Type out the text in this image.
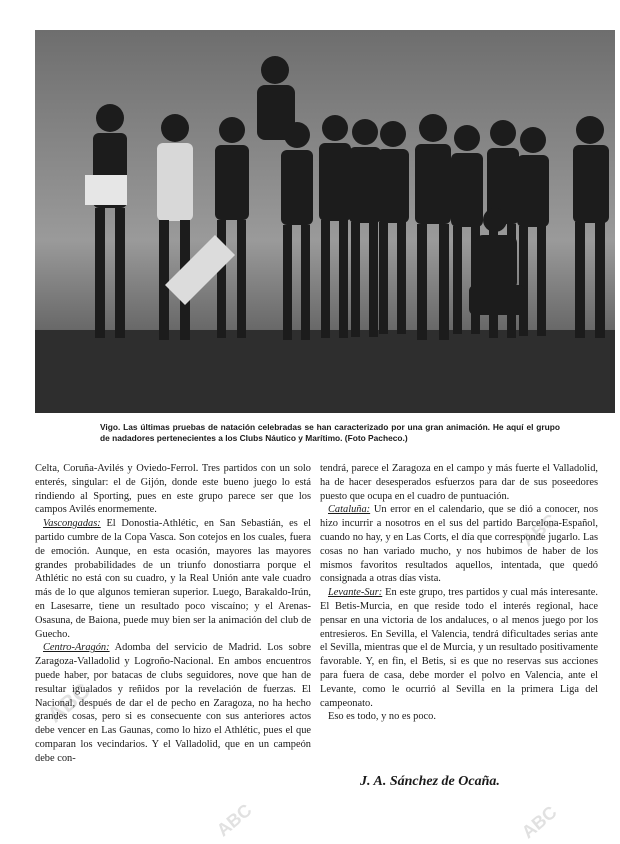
Vigo. Las últimas pruebas de natación celebradas se han caracterizado por una gran animación. He aquí el grupo de nadadores pertenecientes a los Clubs Náutico y Marítimo. (Foto Pacheco.)

Celta, Coruña-Avilés y Oviedo-Ferrol. Tres partidos con un solo enterés, singular: el de Gijón, donde este bueno juego lo está rindiendo al Sporting, pues en este grupo parece ser que los campos Avilés enormemente.

Vascongadas: El Donostia-Athlétic, en San Sebastián, es el partido cumbre de la Copa Vasca. Son cotejos en los cuales, fuera de emoción. Aunque, en esta ocasión, mayores las mayores grandes probabilidades de un triunfo donostiarra porque el Athlétic no está con su cuadro, y la Real Unión ante vale cuadro más de lo que algunos temieran superior. Luego, Barakaldo-Irún, en Lasesarre, tiene un resultado poco viscaíno; y el Arenas-Osasuna, de Baiona, puede muy bien ser la animación del club de Guecho.

Centro-Aragón: Adomba del servicio de Madrid. Los sobre Zaragoza-Valladolid y Logroño-Nacional. En ambos encuentros puede haber, por batacas de clubs seguidores, nove que han de resultar igualados y reñidos por la revelación de fuerzas. El Nacional, después de dar el de pecho en Zaragoza, no ha hecho grandes cosas, pero si es consecuente con sus anteriores actos debe vencer en Las Gaunas, como lo hizo el Athlétic, pues el que comparan los vecindarios. Y el Valladolid, que en un campeón debe con-

tendrá, parece el Zaragoza en el campo y más fuerte el Valladolid, ha de hacer desesperados esfuerzos para dar de sus poseedores puesto que ocupa en el cuadro de puntuación.

Cataluña: Un error en el calendario, que se dió a conocer, nos hizo incurrir a nosotros en el sus del partido Barcelona-Español, cuando no hay, y en Las Corts, el día que corresponde jugarlo. Las cosas no han variado mucho, y nos hubimos de haber de los mismos favoritos resultados aquellos, intentada, que quedó consignada a otras días vista.

Levante-Sur: En este grupo, tres partidos y cual más interesante. El Betis-Murcia, en que reside todo el interés regional, hace pensar en una victoria de los andaluces, o al menos juego por los entresieros. En Sevilla, el Valencia, tendrá dificultades serias ante el Sevilla, mientras que el de Murcia, y un resultado positivamente favorable. Y, en fin, el Betis, si es que no reservas sus acciones para fuera de casa, debe morder el polvo en Valencia, ante el Levante, como le ocurrió al Sevilla en la primera Liga del campeonato.

Eso es todo, y no es poco.

J. A. Sánchez de Ocaña.
ABC
ABC
ABC	ABC
